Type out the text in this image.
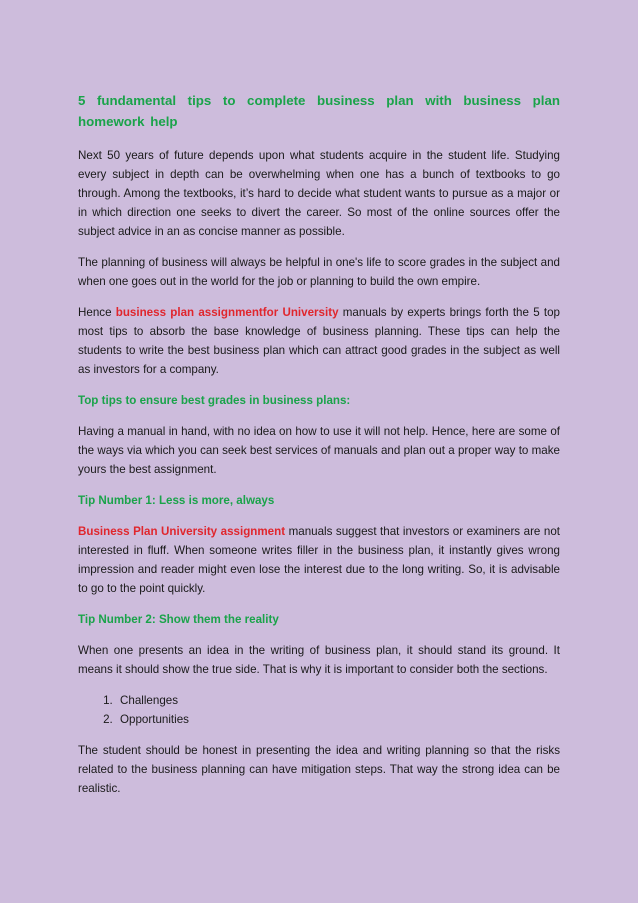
5 fundamental tips to complete business plan with business plan homework help

Next 50 years of future depends upon what students acquire in the student life. Studying every subject in depth can be overwhelming when one has a bunch of textbooks to go through. Among the textbooks, it’s hard to decide what student wants to pursue as a major or in which direction one seeks to divert the career. So most of the online sources offer the subject advice in an as concise manner as possible.

The planning of business will always be helpful in one's life to score grades in the subject and when one goes out in the world for the job or planning to build the own empire.

Hence business plan assignmentfor University manuals by experts brings forth the 5 top most tips to absorb the base knowledge of business planning. These tips can help the students to write the best business plan which can attract good grades in the subject as well as investors for a company.

Top tips to ensure best grades in business plans:

Having a manual in hand, with no idea on how to use it will not help. Hence, here are some of the ways via which you can seek best services of manuals and plan out a proper way to make yours the best assignment.

Tip Number 1: Less is more, always

Business Plan University assignment manuals suggest that investors or examiners are not interested in fluff. When someone writes filler in the business plan, it instantly gives wrong impression and reader might even lose the interest due to the long writing. So, it is advisable to go to the point quickly.

Tip Number 2: Show them the reality

When one presents an idea in the writing of business plan, it should stand its ground. It means it should show the true side. That is why it is important to consider both the sections.

1. Challenges
2. Opportunities

The student should be honest in presenting the idea and writing planning so that the risks related to the business planning can have mitigation steps. That way the strong idea can be realistic.
